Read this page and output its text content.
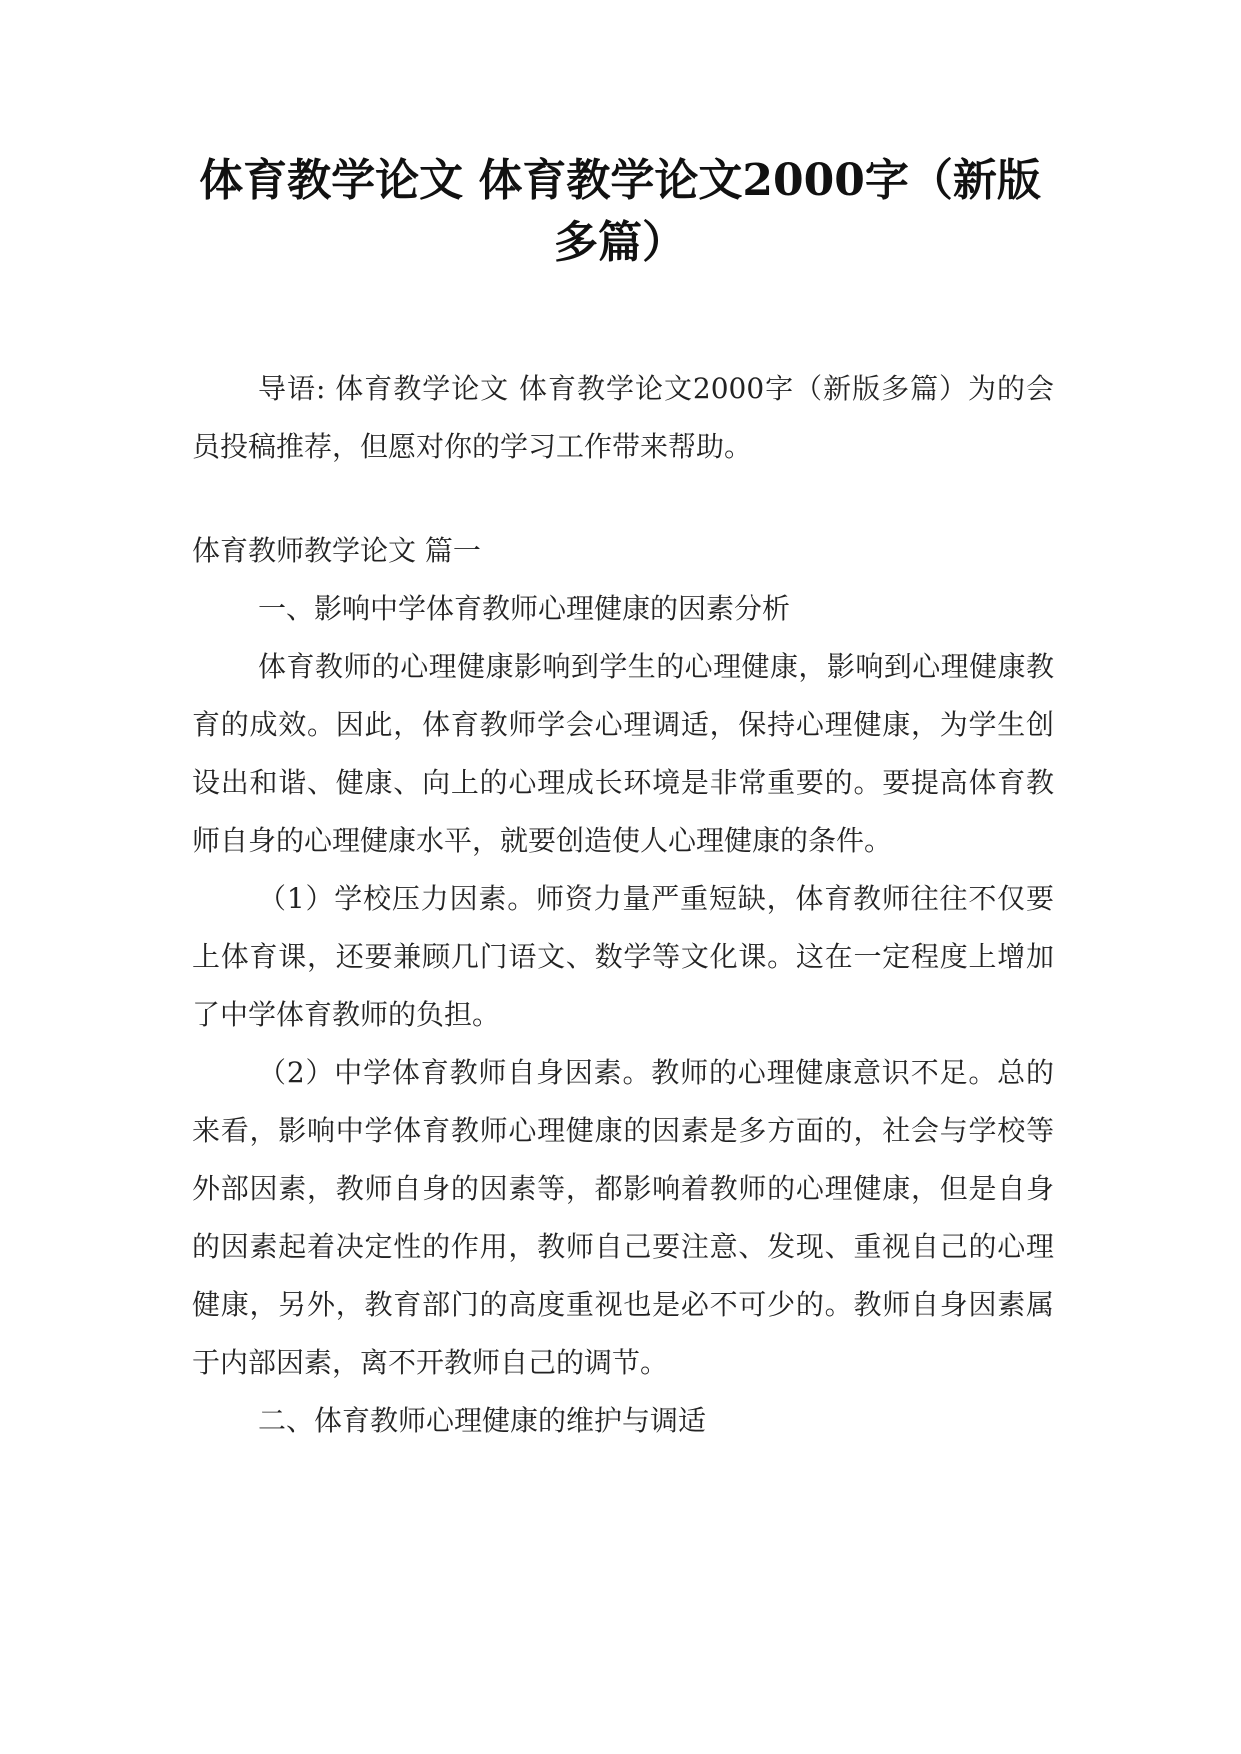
体育教学论文 体育教学论文2000字（新版
多篇）

导语: 体育教学论文 体育教学论文2000字（新版多篇）为的会员投稿推荐，但愿对你的学习工作带来帮助。

体育教师教学论文 篇一

一、影响中学体育教师心理健康的因素分析

体育教师的心理健康影响到学生的心理健康，影响到心理健康教育的成效。因此，体育教师学会心理调适，保持心理健康，为学生创设出和谐、健康、向上的心理成长环境是非常重要的。要提高体育教师自身的心理健康水平，就要创造使人心理健康的条件。

（1）学校压力因素。师资力量严重短缺，体育教师往往不仅要上体育课，还要兼顾几门语文、数学等文化课。这在一定程度上增加了中学体育教师的负担。

（2）中学体育教师自身因素。教师的心理健康意识不足。总的来看，影响中学体育教师心理健康的因素是多方面的，社会与学校等外部因素，教师自身的因素等，都影响着教师的心理健康，但是自身的因素起着决定性的作用，教师自己要注意、发现、重视自己的心理健康，另外，教育部门的高度重视也是必不可少的。教师自身因素属于内部因素，离不开教师自己的调节。

二、体育教师心理健康的维护与调适
